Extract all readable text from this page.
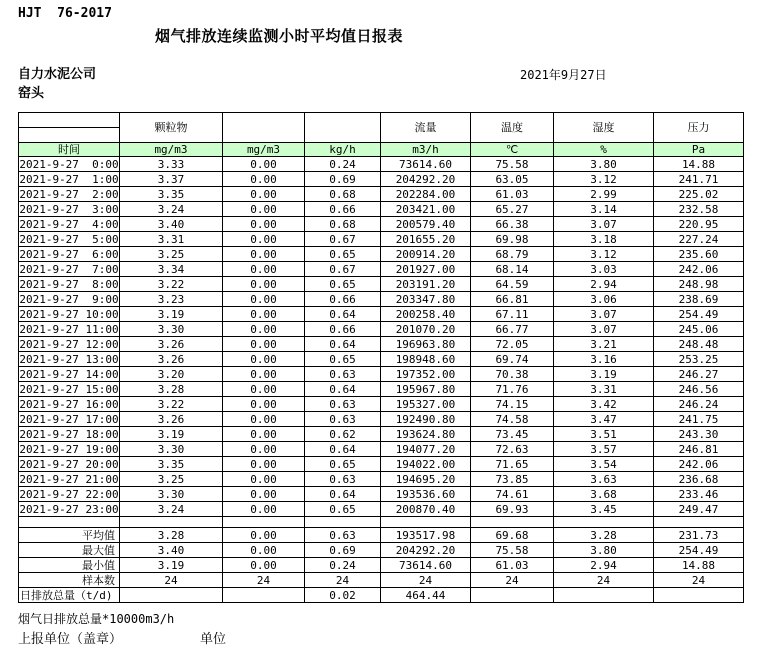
HJT  76-2017
烟气排放连续监测小时平均值日报表
自力水泥公司
窑头
2021年9月27日
	颗粒物			流量	温度	湿度	压力

时间	mg/m3	mg/m3	kg/h	m3/h	℃	%	Pa
2021-9-27  0:00	3.33	0.00	0.24	73614.60	75.58	3.80	14.88
2021-9-27  1:00	3.37	0.00	0.69	204292.20	63.05	3.12	241.71
2021-9-27  2:00	3.35	0.00	0.68	202284.00	61.03	2.99	225.02
2021-9-27  3:00	3.24	0.00	0.66	203421.00	65.27	3.14	232.58
2021-9-27  4:00	3.40	0.00	0.68	200579.40	66.38	3.07	220.95
2021-9-27  5:00	3.31	0.00	0.67	201655.20	69.98	3.18	227.24
2021-9-27  6:00	3.25	0.00	0.65	200914.20	68.79	3.12	235.60
2021-9-27  7:00	3.34	0.00	0.67	201927.00	68.14	3.03	242.06
2021-9-27  8:00	3.22	0.00	0.65	203191.20	64.59	2.94	248.98
2021-9-27  9:00	3.23	0.00	0.66	203347.80	66.81	3.06	238.69
2021-9-27 10:00	3.19	0.00	0.64	200258.40	67.11	3.07	254.49
2021-9-27 11:00	3.30	0.00	0.66	201070.20	66.77	3.07	245.06
2021-9-27 12:00	3.26	0.00	0.64	196963.80	72.05	3.21	248.48
2021-9-27 13:00	3.26	0.00	0.65	198948.60	69.74	3.16	253.25
2021-9-27 14:00	3.20	0.00	0.63	197352.00	70.38	3.19	246.27
2021-9-27 15:00	3.28	0.00	0.64	195967.80	71.76	3.31	246.56
2021-9-27 16:00	3.22	0.00	0.63	195327.00	74.15	3.42	246.24
2021-9-27 17:00	3.26	0.00	0.63	192490.80	74.58	3.47	241.75
2021-9-27 18:00	3.19	0.00	0.62	193624.80	73.45	3.51	243.30
2021-9-27 19:00	3.30	0.00	0.64	194077.20	72.63	3.57	246.81
2021-9-27 20:00	3.35	0.00	0.65	194022.00	71.65	3.54	242.06
2021-9-27 21:00	3.25	0.00	0.63	194695.20	73.85	3.63	236.68
2021-9-27 22:00	3.30	0.00	0.64	193536.60	74.61	3.68	233.46
2021-9-27 23:00	3.24	0.00	0.65	200870.40	69.93	3.45	249.47

平均值	3.28	0.00	0.63	193517.98	69.68	3.28	231.73
最大值	3.40	0.00	0.69	204292.20	75.58	3.80	254.49
最小值	3.19	0.00	0.24	73614.60	61.03	2.94	14.88
样本数	24	24	24	24	24	24	24
日排放总量（t/d)			0.02	464.44			
烟气日排放总量*10000m3/h
上报单位（盖章）	单位
